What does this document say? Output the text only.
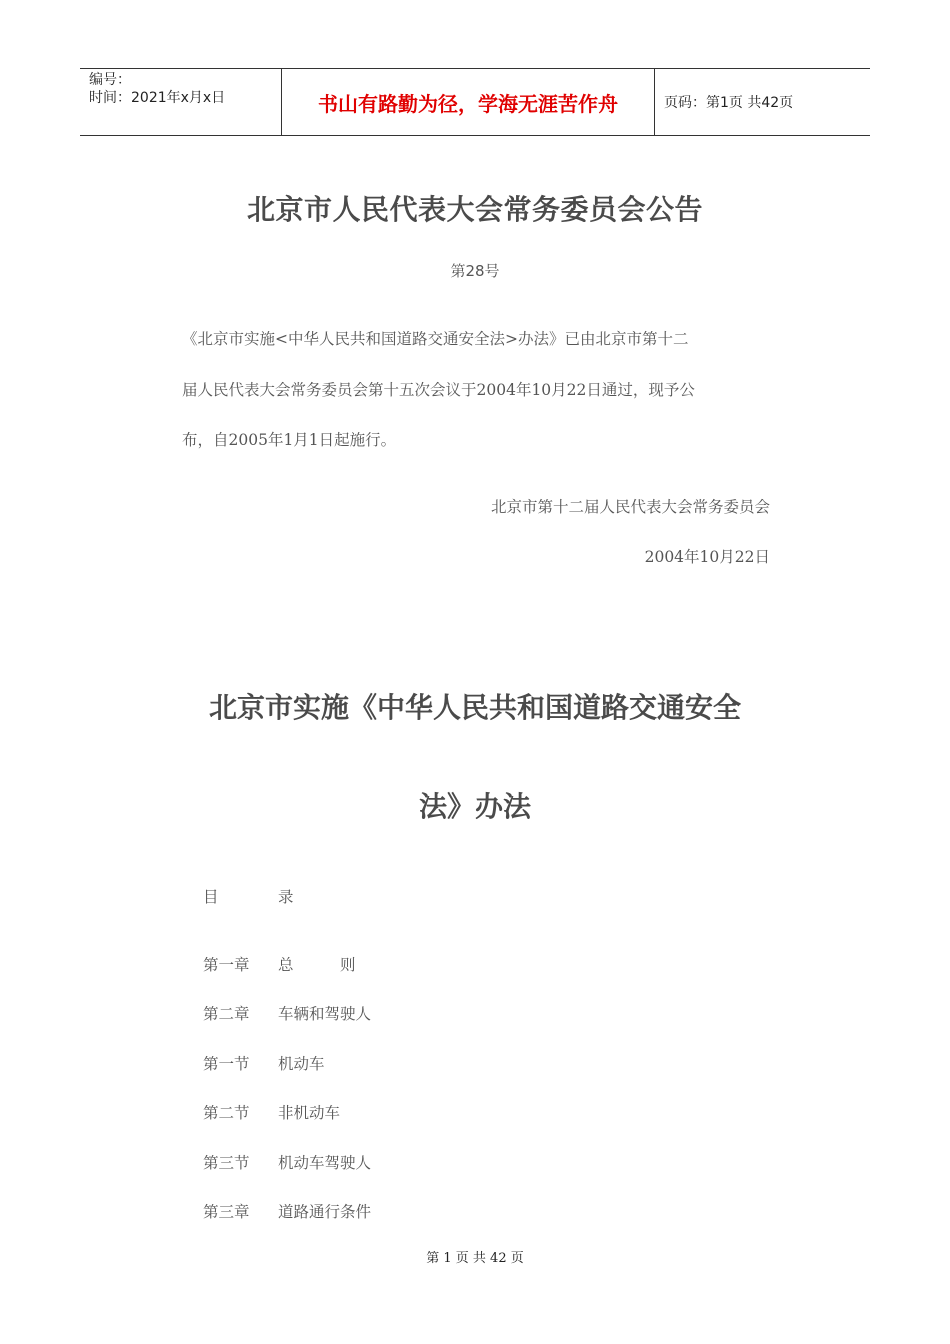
编号：
时间：2021年x月x日	书山有路勤为径，学海无涯苦作舟	页码：第1页 共42页
北京市人民代表大会常务委员会公告
第28号
《北京市实施<中华人民共和国道路交通安全法>办法》已由北京市第十二
届人民代表大会常务委员会第十五次会议于2004年10月22日通过，现予公
布，自2005年1月1日起施行。
北京市第十二届人民代表大会常务委员会
2004年10月22日
北京市实施《中华人民共和国道路交通安全
法》办法
目	录
第一章	总　　　则
第二章	车辆和驾驶人
第一节	机动车
第二节	非机动车
第三节	机动车驾驶人
第三章	道路通行条件
第 1 页 共 42 页
